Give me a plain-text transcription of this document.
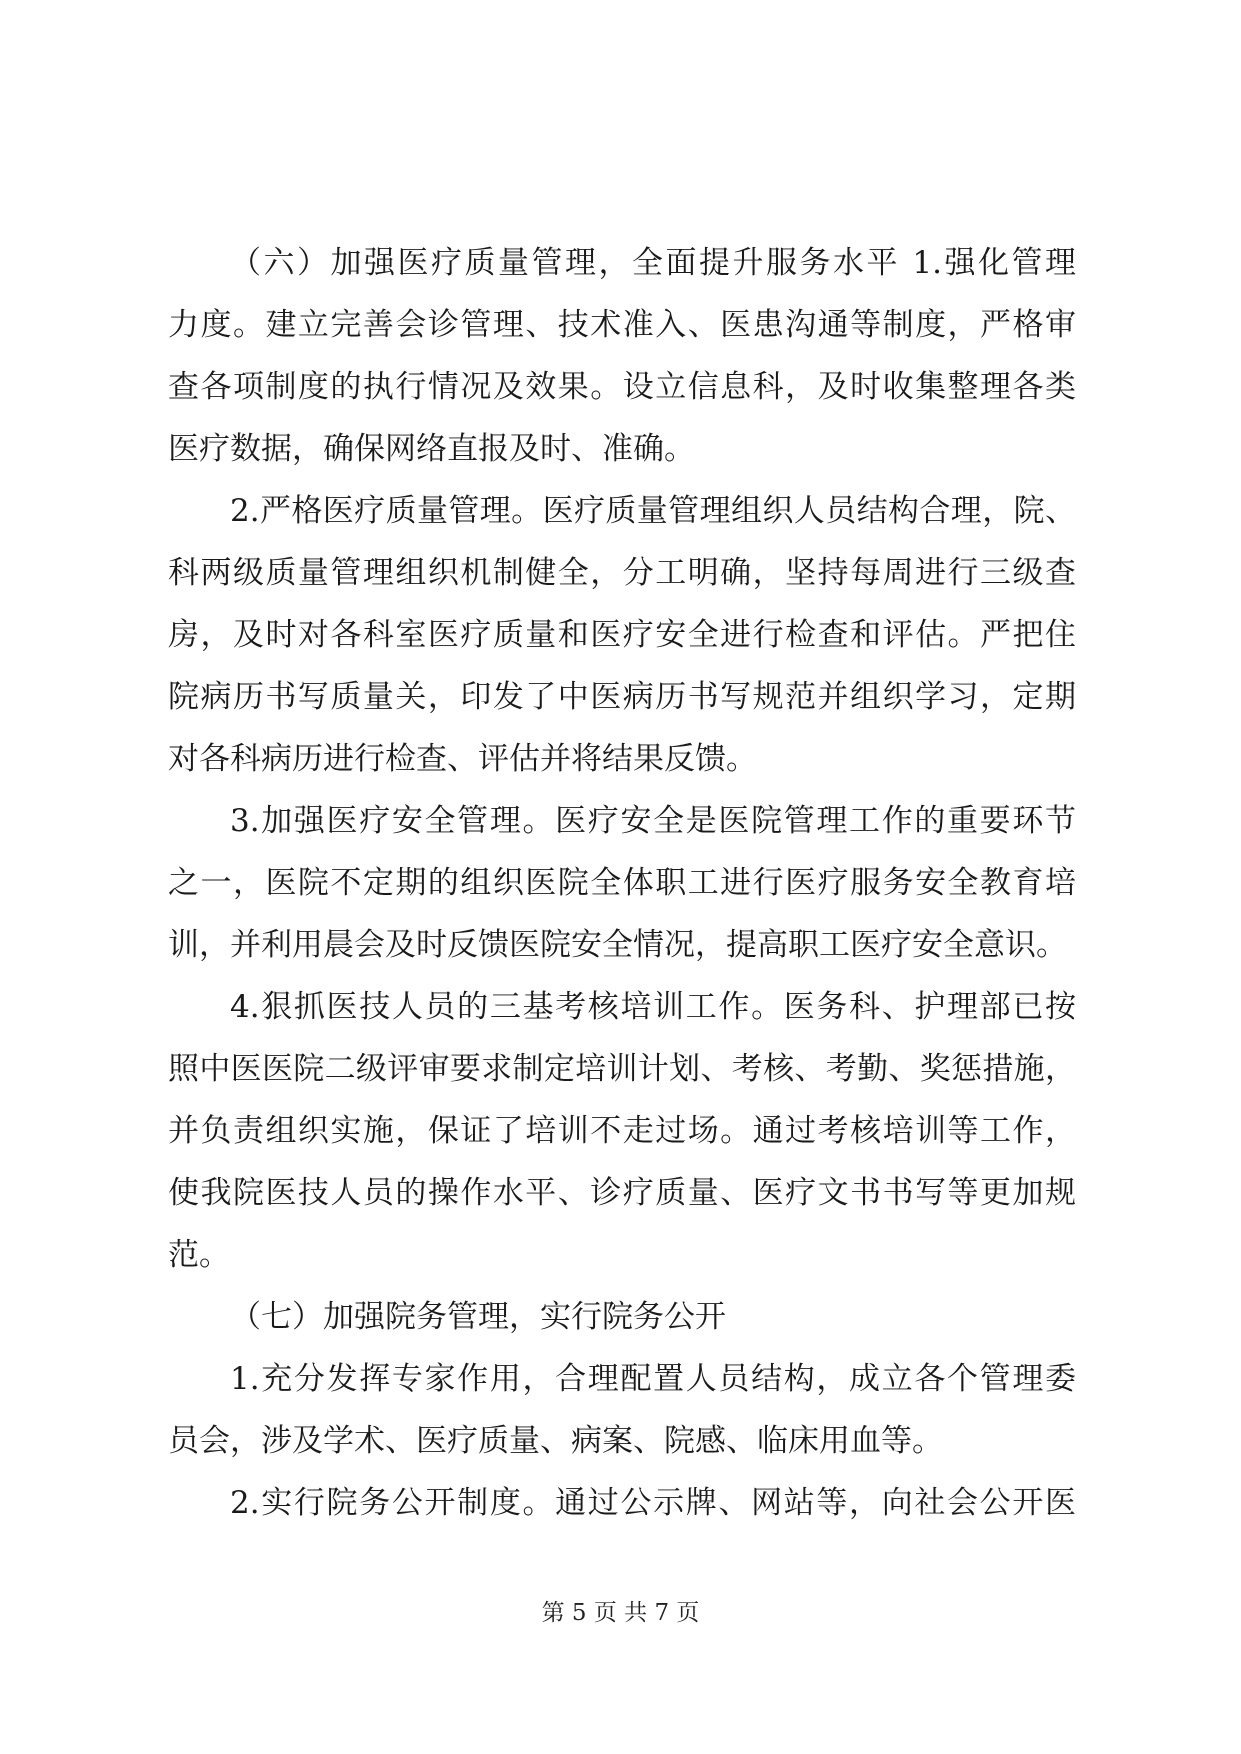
（六）加强医疗质量管理，全面提升服务水平 1.强化管理
力度。建立完善会诊管理、技术准入、医患沟通等制度，严格审
查各项制度的执行情况及效果。设立信息科，及时收集整理各类
医疗数据，确保网络直报及时、准确。
2.严格医疗质量管理。医疗质量管理组织人员结构合理，院、
科两级质量管理组织机制健全，分工明确，坚持每周进行三级查
房，及时对各科室医疗质量和医疗安全进行检查和评估。严把住
院病历书写质量关，印发了中医病历书写规范并组织学习，定期
对各科病历进行检查、评估并将结果反馈。
3.加强医疗安全管理。医疗安全是医院管理工作的重要环节
之一，医院不定期的组织医院全体职工进行医疗服务安全教育培
训，并利用晨会及时反馈医院安全情况，提高职工医疗安全意识。
4.狠抓医技人员的三基考核培训工作。医务科、护理部已按
照中医医院二级评审要求制定培训计划、考核、考勤、奖惩措施，
并负责组织实施，保证了培训不走过场。通过考核培训等工作，
使我院医技人员的操作水平、诊疗质量、医疗文书书写等更加规
范。
（七）加强院务管理，实行院务公开
1.充分发挥专家作用，合理配置人员结构，成立各个管理委
员会，涉及学术、医疗质量、病案、院感、临床用血等。
2.实行院务公开制度。通过公示牌、网站等，向社会公开医
第 5 页 共 7 页
